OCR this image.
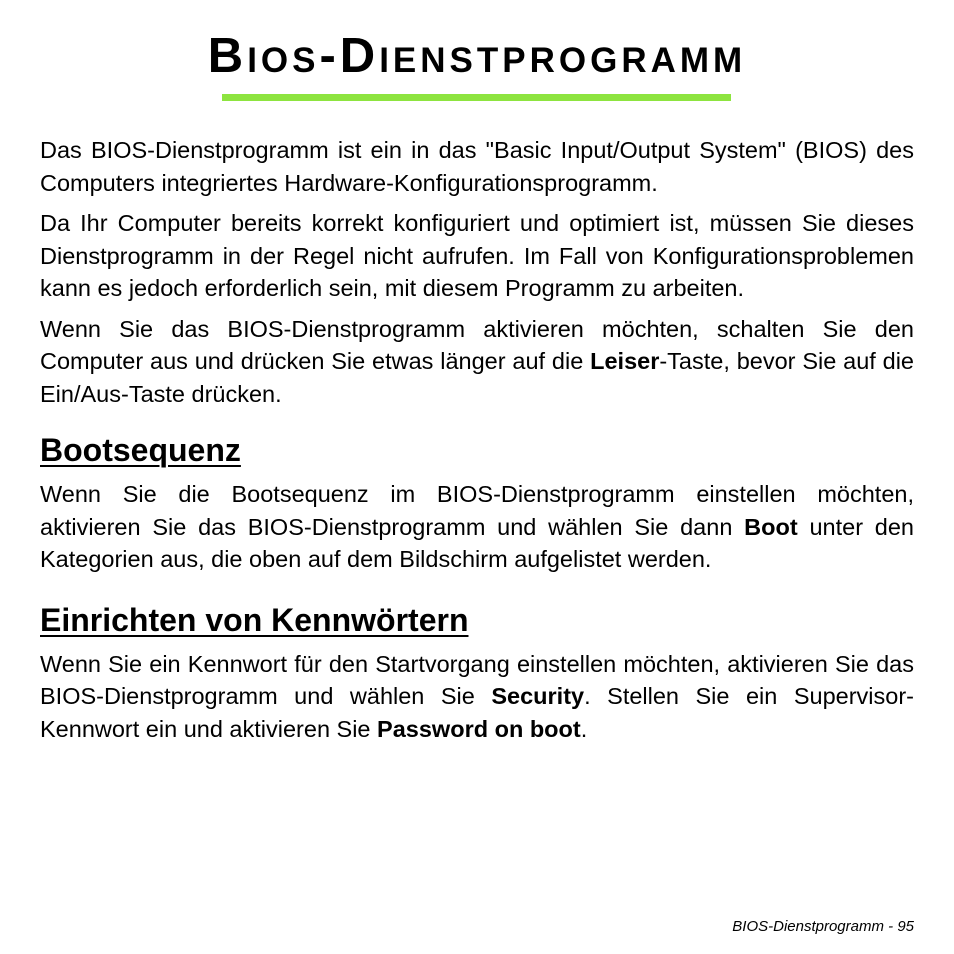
BIOS-DIENSTPROGRAMM

Das BIOS-Dienstprogramm ist ein in das "Basic Input/Output System" (BIOS) des Computers integriertes Hardware-Konfigurationsprogramm.

Da Ihr Computer bereits korrekt konfiguriert und optimiert ist, müssen Sie dieses Dienstprogramm in der Regel nicht aufrufen. Im Fall von Konfigurationsproblemen kann es jedoch erforderlich sein, mit diesem Programm zu arbeiten.

Wenn Sie das BIOS-Dienstprogramm aktivieren möchten, schalten Sie den Computer aus und drücken Sie etwas länger auf die Leiser-Taste, bevor Sie auf die Ein/Aus-Taste drücken.

Bootsequenz

Wenn Sie die Bootsequenz im BIOS-Dienstprogramm einstellen möchten, aktivieren Sie das BIOS-Dienstprogramm und wählen Sie dann Boot unter den Kategorien aus, die oben auf dem Bildschirm aufgelistet werden.

Einrichten von Kennwörtern

Wenn Sie ein Kennwort für den Startvorgang einstellen möchten, aktivieren Sie das BIOS-Dienstprogramm und wählen Sie Security. Stellen Sie ein Supervisor-Kennwort ein und aktivieren Sie Password on boot.

BIOS-Dienstprogramm - 95
